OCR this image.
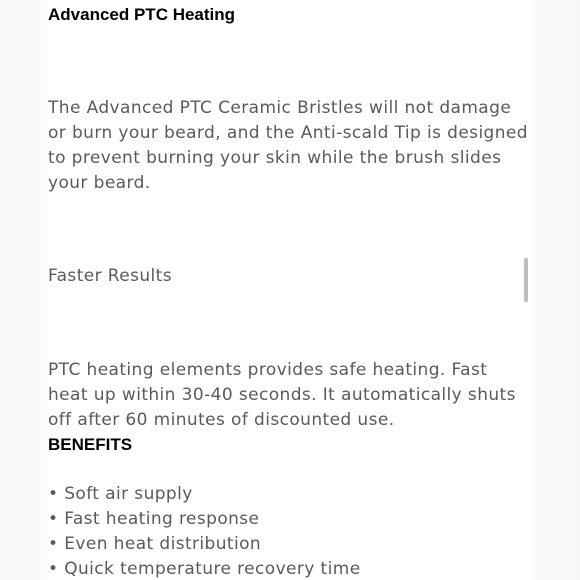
Advanced PTC Heating

The Advanced PTC Ceramic Bristles will not damage or burn your beard, and the Anti-scald Tip is designed to prevent burning your skin while the brush slides your beard.

Faster Results

PTC heating elements provides safe heating. Fast heat up within 30-40 seconds. It automatically shuts off after 60 minutes of discounted use.

BENEFITS
• Soft air supply
• Fast heating response
• Even heat distribution
• Quick temperature recovery time
